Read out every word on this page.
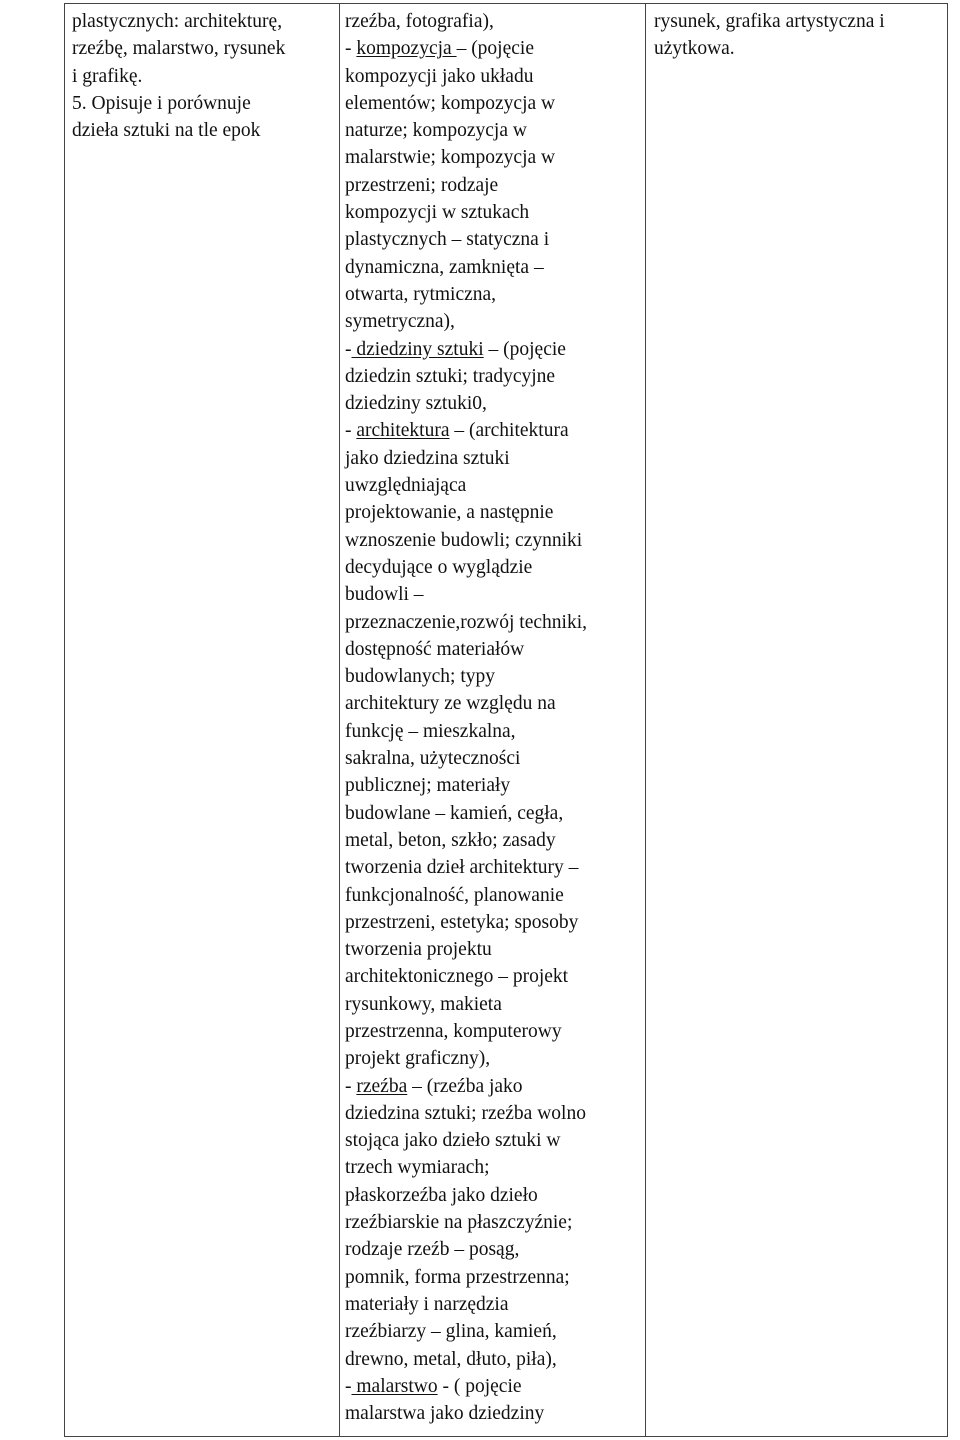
plastycznych: architekturę,
rzeźbę, malarstwo, rysunek
i grafikę.
5. Opisuje i porównuje
dzieła sztuki na tle epok

rzeźba, fotografia),
- kompozycja – (pojęcie
kompozycji jako układu
elementów; kompozycja w
naturze; kompozycja w
malarstwie; kompozycja w
przestrzeni; rodzaje
kompozycji w sztukach
plastycznych – statyczna i
dynamiczna, zamknięta –
otwarta, rytmiczna,
symetryczna),
- dziedziny sztuki – (pojęcie
dziedzin sztuki; tradycyjne
dziedziny sztuki0,
- architektura – (architektura
jako dziedzina sztuki
uwzględniająca
projektowanie, a następnie
wznoszenie budowli; czynniki
decydujące o wyglądzie
budowli –
przeznaczenie,rozwój techniki,
dostępność materiałów
budowlanych; typy
architektury ze względu na
funkcję – mieszkalna,
sakralna, użyteczności
publicznej; materiały
budowlane – kamień, cegła,
metal, beton, szkło; zasady
tworzenia dzieł architektury –
funkcjonalność, planowanie
przestrzeni, estetyka; sposoby
tworzenia projektu
architektonicznego – projekt
rysunkowy, makieta
przestrzenna, komputerowy
projekt graficzny),
- rzeźba – (rzeźba jako
dziedzina sztuki; rzeźba wolno
stojąca jako dzieło sztuki w
trzech wymiarach;
płaskorzeźba jako dzieło
rzeźbiarskie na płaszczyźnie;
rodzaje rzeźb – posąg,
pomnik, forma przestrzenna;
materiały i narzędzia
rzeźbiarzy – glina, kamień,
drewno, metal, dłuto, piła),
- malarstwo - ( pojęcie
malarstwa jako dziedziny

rysunek, grafika artystyczna i
użytkowa.
